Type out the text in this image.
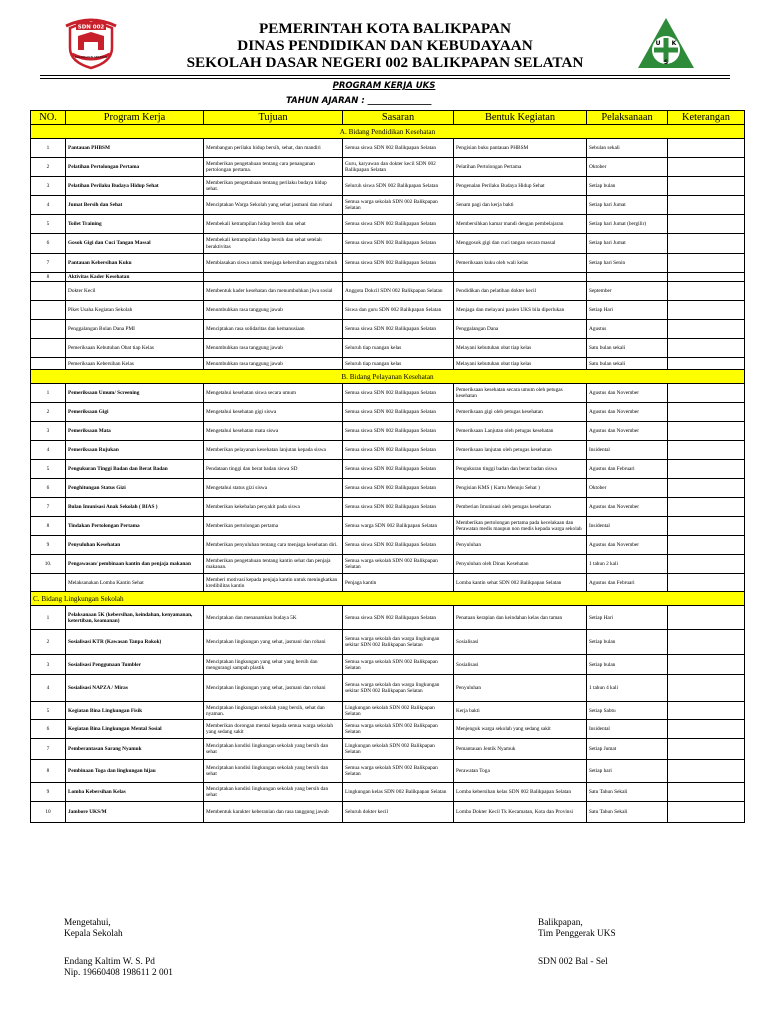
SDN 002
BALIKPAPAN SELATAN
PEMERINTAH KOTA BALIKPAPAN
DINAS PENDIDIKAN DAN KEBUDAYAAN
SEKOLAH DASAR NEGERI 002 BALIKPAPAN SELATAN
U K
S
PROGRAM KERJA UKS
TAHUN AJARAN : _______________
NO.	Program Kerja	Tujuan	Sasaran	Bentuk Kegiatan	Pelaksanaan	Keterangan
A. Bidang Pendidikan Kesehatan						
1	Pantauan PHBSM	Membangun perilaku hidup bersih, sehat, dan mandiri	Semua siswa SDN 002 Balikpapan Selatan	Pengisian buku pantauan PHBSM	Sebulan sekali	
2	Pelatihan Pertolongan Pertama	Memberikan pengetahuan tentang cara penanganan pertolongan pertama.	Guru, karyawan dan dokter kecil SDN 002 Balikpapan Selatan	Pelatihan Pertolongan Pertama	Oktober	
3	Pelatihan Perilaku Budaya Hidup Sehat	Memberikan pengetahuan tentang perilaku budaya hidup sehat.	Seluruh siswa SDN 002 Balikpapan Selatan	Pengenalan Perilaku Budaya Hidup Sehat	Setiap bulan	
4	Jumat Bersih dan Sehat	Menciptakan Warga Sekolah yang sehat jasmani dan rohani	Semua warga sekolah SDN 002 Balikpapan Selatan	Senam pagi dan kerja bakti	Setiap hari Jumat	
5	Toilet Training	Membekali ketrampilan hidup bersih dan sehat	Semua siswa SDN 002 Balikpapan Selatan	Membersihkan kamar mandi dengan pembelajaran	Setiap hari Jumat (bergilir)	
6	Gosok Gigi dan Cuci Tangan Massal	Membekali ketrampilan hidup bersih dan sehat setelah beraktivitas	Semua siswa SDN 002 Balikpapan Selatan	Menggosok gigi dan cuci tangan secara massal	Setiap hari Jumat	
7	Pantauan Kebersihan Kuku	Membiasakan siswa untuk menjaga kebersihan anggota tubuh	Semua siswa SDN 002 Balikpapan Selatan	Pemeriksaan kuku oleh wali kelas	Setiap hari Senin	
8	Aktivitas Kader Kesehatan					
	Dokter Kecil	Membentuk kader kesehatan dan menumbuhkan jiwa sosial	Anggota Dokcil SDN 002 Balikpapan Selatan	Pendidikan dan pelatihan dokter kecil	September	
	Piket Usaha Kegiatan Sekolah	Menumbuhkan rasa tanggung jawab	Siswa dan guru SDN 002 Balikpapan Selatan	Menjaga dan melayani pasien UKS bila diperlukan	Setiap Hari	
	Penggalangan Bulan Dana PMI	Menciptakan rasa solidaritas dan kemanusiaan	Semua siswa SDN 002 Balikpapan Selatan	Penggalangan Dana	Agustus	
	Pemeriksaan Kebutuhan Obat tiap Kelas	Menumbuhkan rasa tanggung jawab	Seluruh tiap ruangan kelas	Melayani kebutuhan obat tiap kelas	Satu bulan sekali	
	Pemeriksaan Kebersihan Kelas	Menumbuhkan rasa tanggung jawab	Seluruh tiap ruangan kelas	Melayani kebutuhan obat tiap kelas	Satu bulan sekali	
B. Bidang Pelayanan Kesehatan						
1	Pemeriksaan Umum/ Screening	Mengetahui kesehatan siswa secara umum	Semua siswa SDN 002 Balikpapan Selatan	Pemeriksaan kesehatan secara umum oleh petugas kesehatan	Agustus dan November	
2	Pemeriksaan Gigi	Mengetahui kesehatan gigi siswa	Semua siswa SDN 002 Balikpapan Selatan	Pemeriksaan gigi oleh petugas kesehatan	Agustus dan November	
3	Pemeriksaan Mata	Mengetahui kesehatan mata siswa	Semua siswa SDN 002 Balikpapan Selatan	Pemeriksaan Lanjutan oleh petugas kesehatan	Agustus dan November	
4	Pemeriksaan Rujukan	Memberikan pelayanan kesehatan lanjutan kepada siswa	Semua siswa SDN 002 Balikpapan Selatan	Pemeriksaan lanjutan oleh petugas kesehatan	Insidental	
5	Pengukuran Tinggi Badan dan Berat Badan	Pendataan tinggi dan berat badan siswa SD	Semua siswa SDN 002 Balikpapan Selatan	Pengukuran tinggi badan dan berat badan siswa	Agustus dan Februari	
6	Penghitungan Status Gizi	Mengetahui status gizi siswa	Semua siswa SDN 002 Balikpapan Selatan	Pengisian KMS ( Kartu Menuju Sehat )	Oktober	
7	Bulan Imunisasi Anak Sekolah ( BIAS )	Memberikan kekebalan penyakit pada siswa	Semua siswa SDN 002 Balikpapan Selatan	Pemberian Imunisasi oleh petugas kesehatan	Agustus dan November	
8	Tindakan Pertolongan Pertama	Memberikan pertolongan pertama	Semua warga SDN 002 Balikpapan Selatan	Memberikan pertolongan pertama pada kecelakaan dan Perawatan medis maupun non medis kepada warga sekolah	Insidental	
9	Penyuluhan Kesehatan	Memberikan penyuluhan tentang cara menjaga kesehatan diri.	Semua siswa SDN 002 Balikpapan Selatan	Penyuluhan	Agustus dan November	
10.	Pengawasan/ pembinaan kantin dan penjaja makanan	Memberikan pengetahuan tentang kantin sehat dan penjaja makanan.	Semua warga sekolah SDN 002 Balikpapan Selatan	Penyuluhan oleh Dinas Kesehatan	1 tahun 2 kali	
	Melaksanakan Lomba Kantin Sehat	Memberi motivasi kepada penjaja kantin untuk meningkatkan kredibilitas kantin	Penjaga kantin	Lomba kantin sehat SDN 002 Balikpapan Selatan	Agustus dan Februari	
C. Bidang Lingkungan Sekolah						
1	Pelaksanaan 5K (kebersihan, keindahan, kenyamanan, ketertiban, keamanan)	Menciptakan dan menanamkan budaya 5K	Semua siswa SDN 002 Balikpapan Selatan	Penataan kerapian dan keindahan kelas dan taman	Setiap Hari	
2	Sosialisasi KTR (Kawasan Tanpa Rokok)	Menciptakan lingkungan yang sehat, jasmani dan rohani	Semua warga sekolah dan warga lingkungan sekitar SDN 002 Balikpapan Selatan	Sosialisasi	Setiap bulan	
3	Sosialisasi Penggunaan Tumbler	Menciptakan lingkungan yang sehat yang bersih dan mengurangi sampah plastik	Semua warga sekolah SDN 002 Balikpapan Selatan	Sosialisasi	Setiap bulan	
4	Sosialisasi NAPZA / Miras	Menciptakan lingkungan yang sehat, jasmani dan rohani	Semua warga sekolah dan warga lingkungan sekitar SDN 002 Balikpapan Selatan	Penyuluhan	1 tahun 4 kali	
5	Kegiatan Bina Lingkungan Fisik	Menciptakan lingkungan sekolah yang bersih, sehat dan nyaman.	Lingkungan sekolah SDN 002 Balikpapan Selatan	Kerja bakti	Setiap Sabtu	
6	Kegiatan Bina Lingkungan Mental Sosial	Memberikan dorongan mental kepada semua warga sekolah yang sedang sakit	Semua warga sekolah SDN 002 Balikpapan Selatan	Menjenguk warga sekolah yang sedang sakit	Insidental	
7	Pemberantasan Sarang Nyamuk	Menciptakan kondisi lingkungan sekolah yang bersih dan sehat	Lingkungan sekolah SDN 002 Balikpapan Selatan	Pemantauan Jentik Nyamuk	Setiap Jumat	
8	Pembinaan Toga dan lingkungan hijau	Menciptakan kondisi lingkungan sekolah yang bersih dan sehat	Semua warga sekolah SDN 002 Balikpapan Selatan	Perawatan Toga	Setiap hari	
9	Lomba Kebersihan Kelas	Menciptakan kondisi lingkungan sekolah yang bersih dan sehat	Lingkungan kelas SDN 002 Balikpapan Selatan	Lomba kebersihan kelas SDN 002 Balikpapan Selatan	Satu Tahun Sekali	
10	Jambore UKS/M	Membentuk karakter keberanian dan rasa tanggung jawab	Seluruh dokter kecil	Lomba Dokter Kecil Tk Kecamatan, Kota dan Provinsi	Satu Tahun Sekali	
Mengetahui,
Kepala Sekolah
Endang Kaltim W. S. Pd
Nip. 19660408 198611 2 001
Balikpapan,
Tim Penggerak UKS
SDN 002 Bal - Sel
